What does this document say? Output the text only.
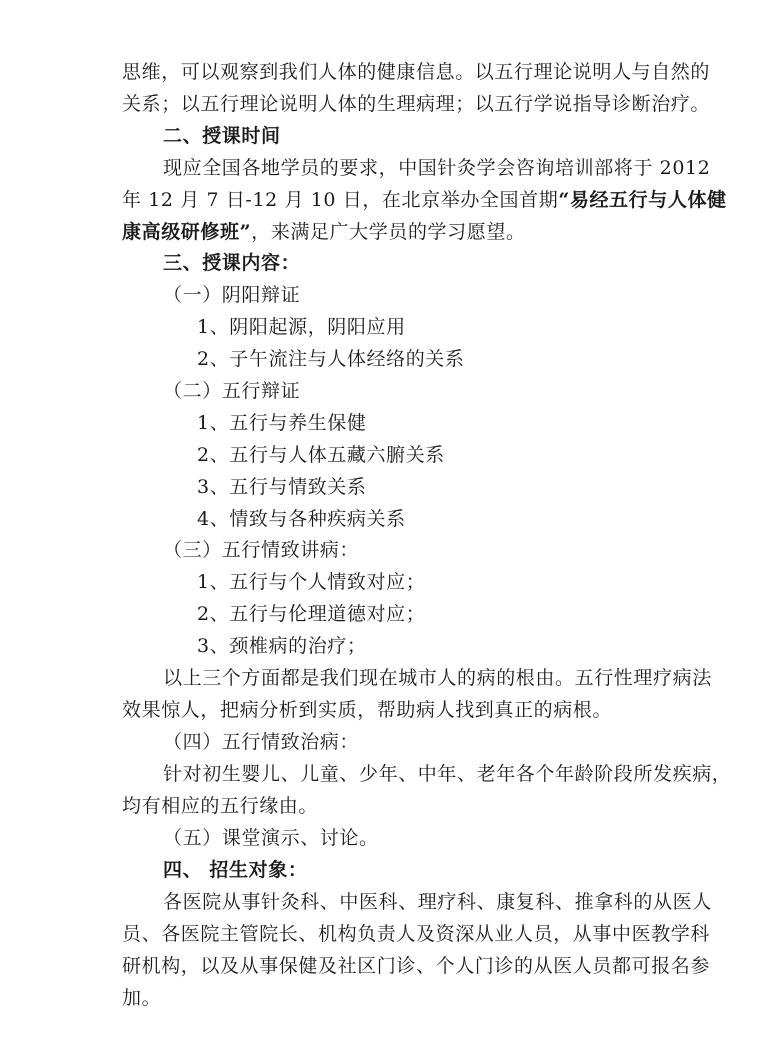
思维，可以观察到我们人体的健康信息。以五行理论说明人与自然的
关系；以五行理论说明人体的生理病理；以五行学说指导诊断治疗。
二、授课时间
现应全国各地学员的要求，中国针灸学会咨询培训部将于 2012
年 12 月 7 日-12 月 10 日，在北京举办全国首期“易经五行与人体健
康高级研修班”，来满足广大学员的学习愿望。
三、授课内容：
（一）阴阳辩证
1、阴阳起源，阴阳应用
2、子午流注与人体经络的关系
（二）五行辩证
1、五行与养生保健
2、五行与人体五藏六腑关系
3、五行与情致关系
4、情致与各种疾病关系
（三）五行情致讲病：
1、五行与个人情致对应；
2、五行与伦理道德对应；
3、颈椎病的治疗；
以上三个方面都是我们现在城市人的病的根由。五行性理疗病法
效果惊人，把病分析到实质，帮助病人找到真正的病根。
（四）五行情致治病：
针对初生婴儿、儿童、少年、中年、老年各个年龄阶段所发疾病，
均有相应的五行缘由。
（五）课堂演示、讨论。
四、 招生对象：
各医院从事针灸科、中医科、理疗科、康复科、推拿科的从医人
员、各医院主管院长、机构负责人及资深从业人员，从事中医教学科
研机构，以及从事保健及社区门诊、个人门诊的从医人员都可报名参
加。
